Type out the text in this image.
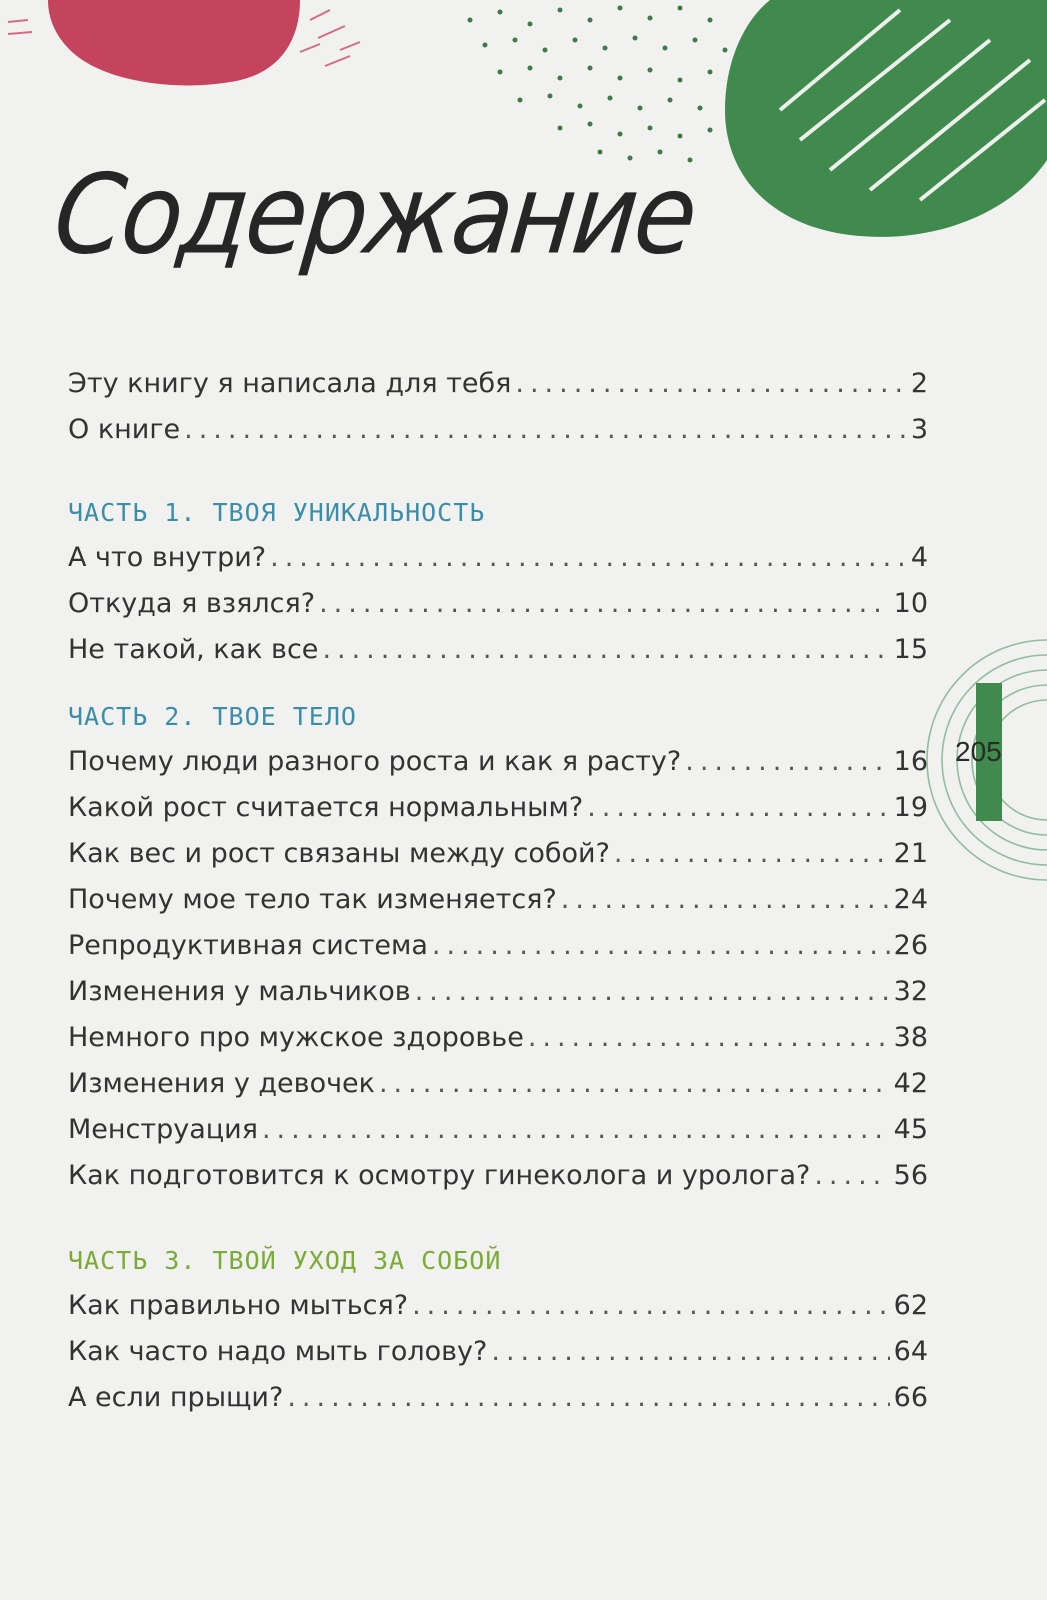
Содержание
Эту книгу я написала для тебя .....	2
О книге .....	3
ЧАСТЬ 1. ТВОЯ УНИКАЛЬНОСТЬ
А что внутри? .....	4
Откуда я взялся? .....	10
Не такой, как все .....	15
ЧАСТЬ 2. ТВОЕ ТЕЛО
Почему люди разного роста и как я расту? .....	16
Какой рост считается нормальным? .....	19
Как вес и рост связаны между собой? .....	21
Почему мое тело так изменяется? .....	24
Репродуктивная система .....	26
Изменения у мальчиков .....	32
Немного про мужское здоровье .....	38
Изменения у девочек .....	42
Менструация .....	45
Как подготовится к осмотру гинеколога и уролога? .....	56
ЧАСТЬ 3. ТВОЙ УХОД ЗА СОБОЙ
Как правильно мыться? .....	62
Как часто надо мыть голову? .....	64
А если прыщи? .....	66
205
